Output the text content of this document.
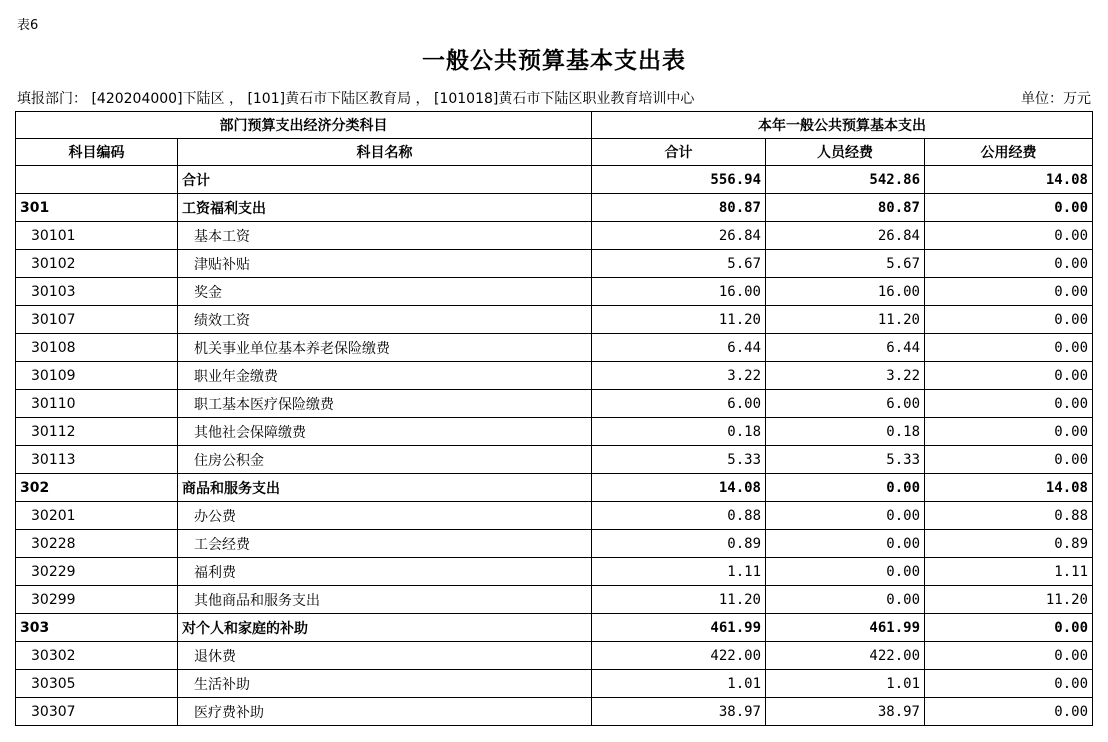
表6
一般公共预算基本支出表
填报部门： [420204000]下陆区 ， [101]黄石市下陆区教育局 ， [101018]黄石市下陆区职业教育培训中心	单位：万元
部门预算支出经济分类科目		本年一般公共预算基本支出		
科目编码	科目名称	合计	人员经费	公用经费
	合计	556.94	542.86	14.08
301	工资福利支出	80.87	80.87	0.00
30101	基本工资	26.84	26.84	0.00
30102	津贴补贴	5.67	5.67	0.00
30103	奖金	16.00	16.00	0.00
30107	绩效工资	11.20	11.20	0.00
30108	机关事业单位基本养老保险缴费	6.44	6.44	0.00
30109	职业年金缴费	3.22	3.22	0.00
30110	职工基本医疗保险缴费	6.00	6.00	0.00
30112	其他社会保障缴费	0.18	0.18	0.00
30113	住房公积金	5.33	5.33	0.00
302	商品和服务支出	14.08	0.00	14.08
30201	办公费	0.88	0.00	0.88
30228	工会经费	0.89	0.00	0.89
30229	福利费	1.11	0.00	1.11
30299	其他商品和服务支出	11.20	0.00	11.20
303	对个人和家庭的补助	461.99	461.99	0.00
30302	退休费	422.00	422.00	0.00
30305	生活补助	1.01	1.01	0.00
30307	医疗费补助	38.97	38.97	0.00
